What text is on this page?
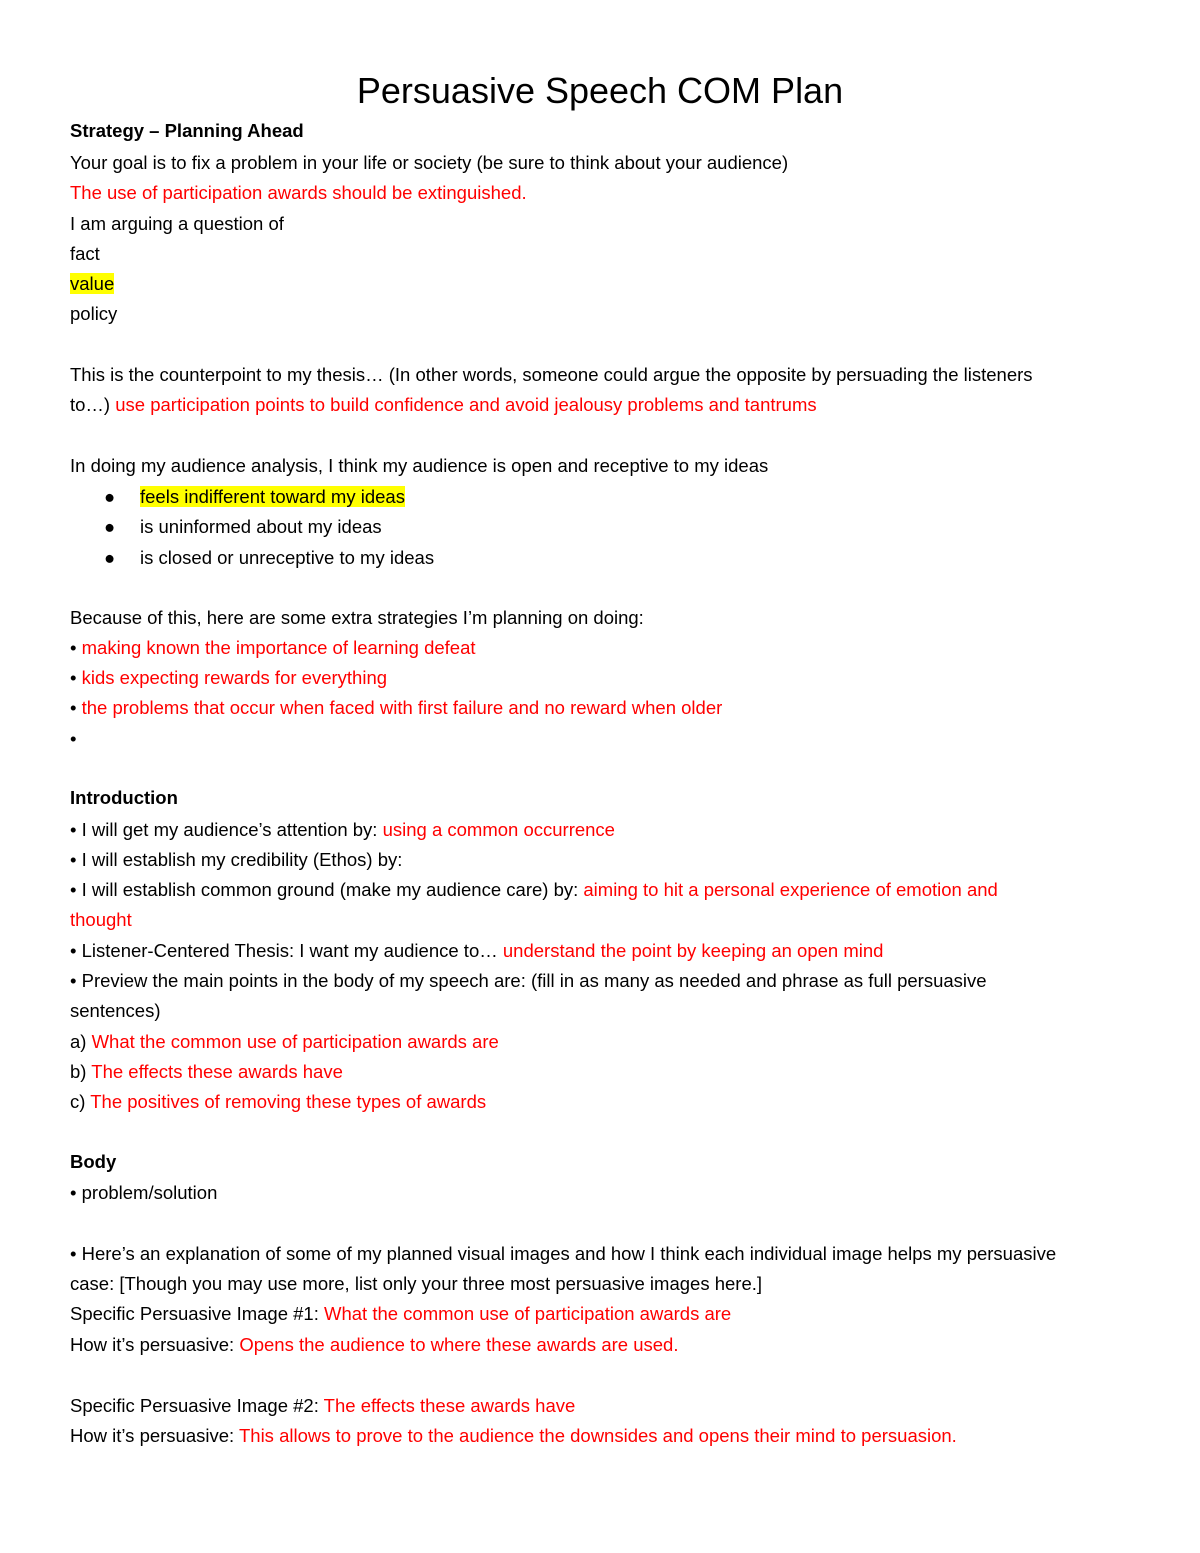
Persuasive Speech COM Plan
Strategy – Planning Ahead
Your goal is to fix a problem in your life or society (be sure to think about your audience)
The use of participation awards should be extinguished.
I am arguing a question of
fact
value
policy
This is the counterpoint to my thesis… (In other words, someone could argue the opposite by persuading the listeners
to…) use participation points to build confidence and avoid jealousy problems and tantrums
In doing my audience analysis, I think my audience is open and receptive to my ideas
● feels indifferent toward my ideas
● is uninformed about my ideas
● is closed or unreceptive to my ideas
Because of this, here are some extra strategies I’m planning on doing:
• making known the importance of learning defeat
• kids expecting rewards for everything
• the problems that occur when faced with first failure and no reward when older
•
Introduction
• I will get my audience’s attention by: using a common occurrence
• I will establish my credibility (Ethos) by:
• I will establish common ground (make my audience care) by: aiming to hit a personal experience of emotion and
thought
• Listener-Centered Thesis: I want my audience to… understand the point by keeping an open mind
• Preview the main points in the body of my speech are: (fill in as many as needed and phrase as full persuasive
sentences)
a) What the common use of participation awards are
b) The effects these awards have
c) The positives of removing these types of awards
Body
• problem/solution
• Here’s an explanation of some of my planned visual images and how I think each individual image helps my persuasive
case: [Though you may use more, list only your three most persuasive images here.]
Specific Persuasive Image #1: What the common use of participation awards are
How it’s persuasive: Opens the audience to where these awards are used.
Specific Persuasive Image #2: The effects these awards have
How it’s persuasive: This allows to prove to the audience the downsides and opens their mind to persuasion.
